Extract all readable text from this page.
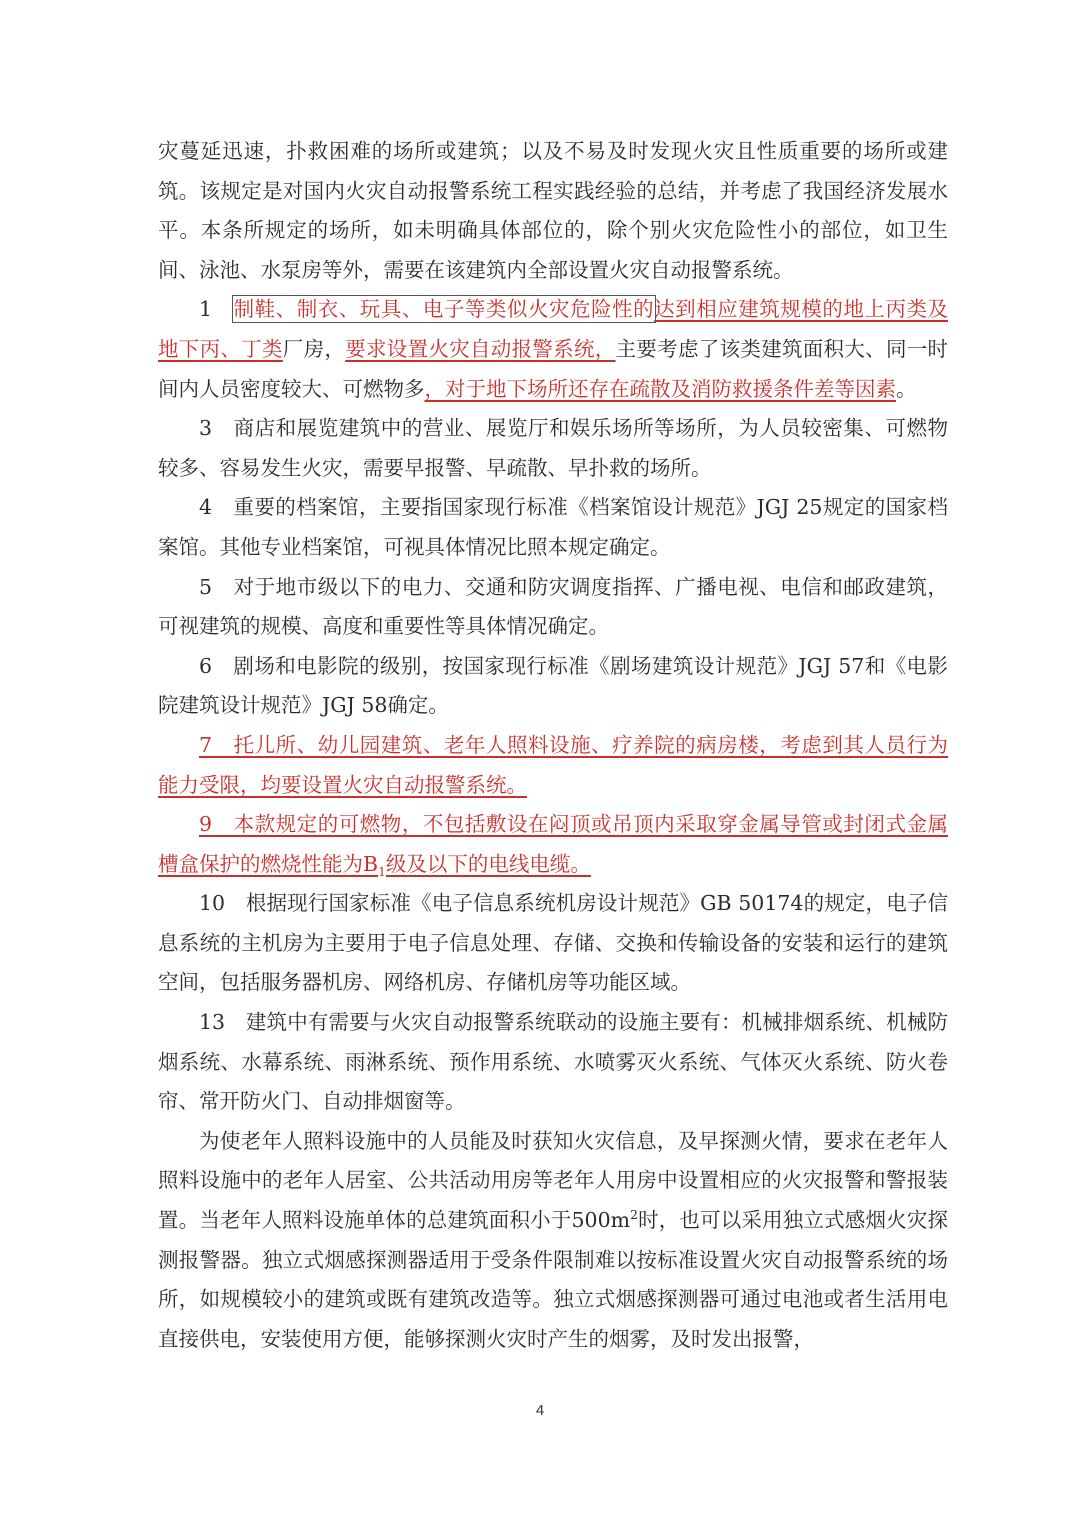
灾蔓延迅速，扑救困难的场所或建筑；以及不易及时发现火灾且性质重要的场所或建筑。该规定是对国内火灾自动报警系统工程实践经验的总结，并考虑了我国经济发展水平。本条所规定的场所，如未明确具体部位的，除个别火灾危险性小的部位，如卫生间、泳池、水泵房等外，需要在该建筑内全部设置火灾自动报警系统。

1　制鞋、制衣、玩具、电子等类似火灾危险性的达到相应建筑规模的地上丙类及地下丙、丁类厂房，要求设置火灾自动报警系统，主要考虑了该类建筑面积大、同一时间内人员密度较大、可燃物多，对于地下场所还存在疏散及消防救援条件差等因素。

3　商店和展览建筑中的营业、展览厅和娱乐场所等场所，为人员较密集、可燃物较多、容易发生火灾，需要早报警、早疏散、早扑救的场所。

4　重要的档案馆，主要指国家现行标准《档案馆设计规范》JGJ 25规定的国家档案馆。其他专业档案馆，可视具体情况比照本规定确定。

5　对于地市级以下的电力、交通和防灾调度指挥、广播电视、电信和邮政建筑，可视建筑的规模、高度和重要性等具体情况确定。

6　剧场和电影院的级别，按国家现行标准《剧场建筑设计规范》JGJ 57和《电影院建筑设计规范》JGJ 58确定。

7　托儿所、幼儿园建筑、老年人照料设施、疗养院的病房楼，考虑到其人员行为能力受限，均要设置火灾自动报警系统。

9　本款规定的可燃物，不包括敷设在闷顶或吊顶内采取穿金属导管或封闭式金属槽盒保护的燃烧性能为$B_1$级及以下的电线电缆。

10　根据现行国家标准《电子信息系统机房设计规范》GB 50174的规定，电子信息系统的主机房为主要用于电子信息处理、存储、交换和传输设备的安装和运行的建筑空间，包括服务器机房、网络机房、存储机房等功能区域。

13　建筑中有需要与火灾自动报警系统联动的设施主要有：机械排烟系统、机械防烟系统、水幕系统、雨淋系统、预作用系统、水喷雾灭火系统、气体灭火系统、防火卷帘、常开防火门、自动排烟窗等。

为使老年人照料设施中的人员能及时获知火灾信息，及早探测火情，要求在老年人照料设施中的老年人居室、公共活动用房等老年人用房中设置相应的火灾报警和警报装置。当老年人照料设施单体的总建筑面积小于$500m^2$时，也可以采用独立式感烟火灾探测报警器。独立式烟感探测器适用于受条件限制难以按标准设置火灾自动报警系统的场所，如规模较小的建筑或既有建筑改造等。独立式烟感探测器可通过电池或者生活用电直接供电，安装使用方便，能够探测火灾时产生的烟雾，及时发出报警，

4
